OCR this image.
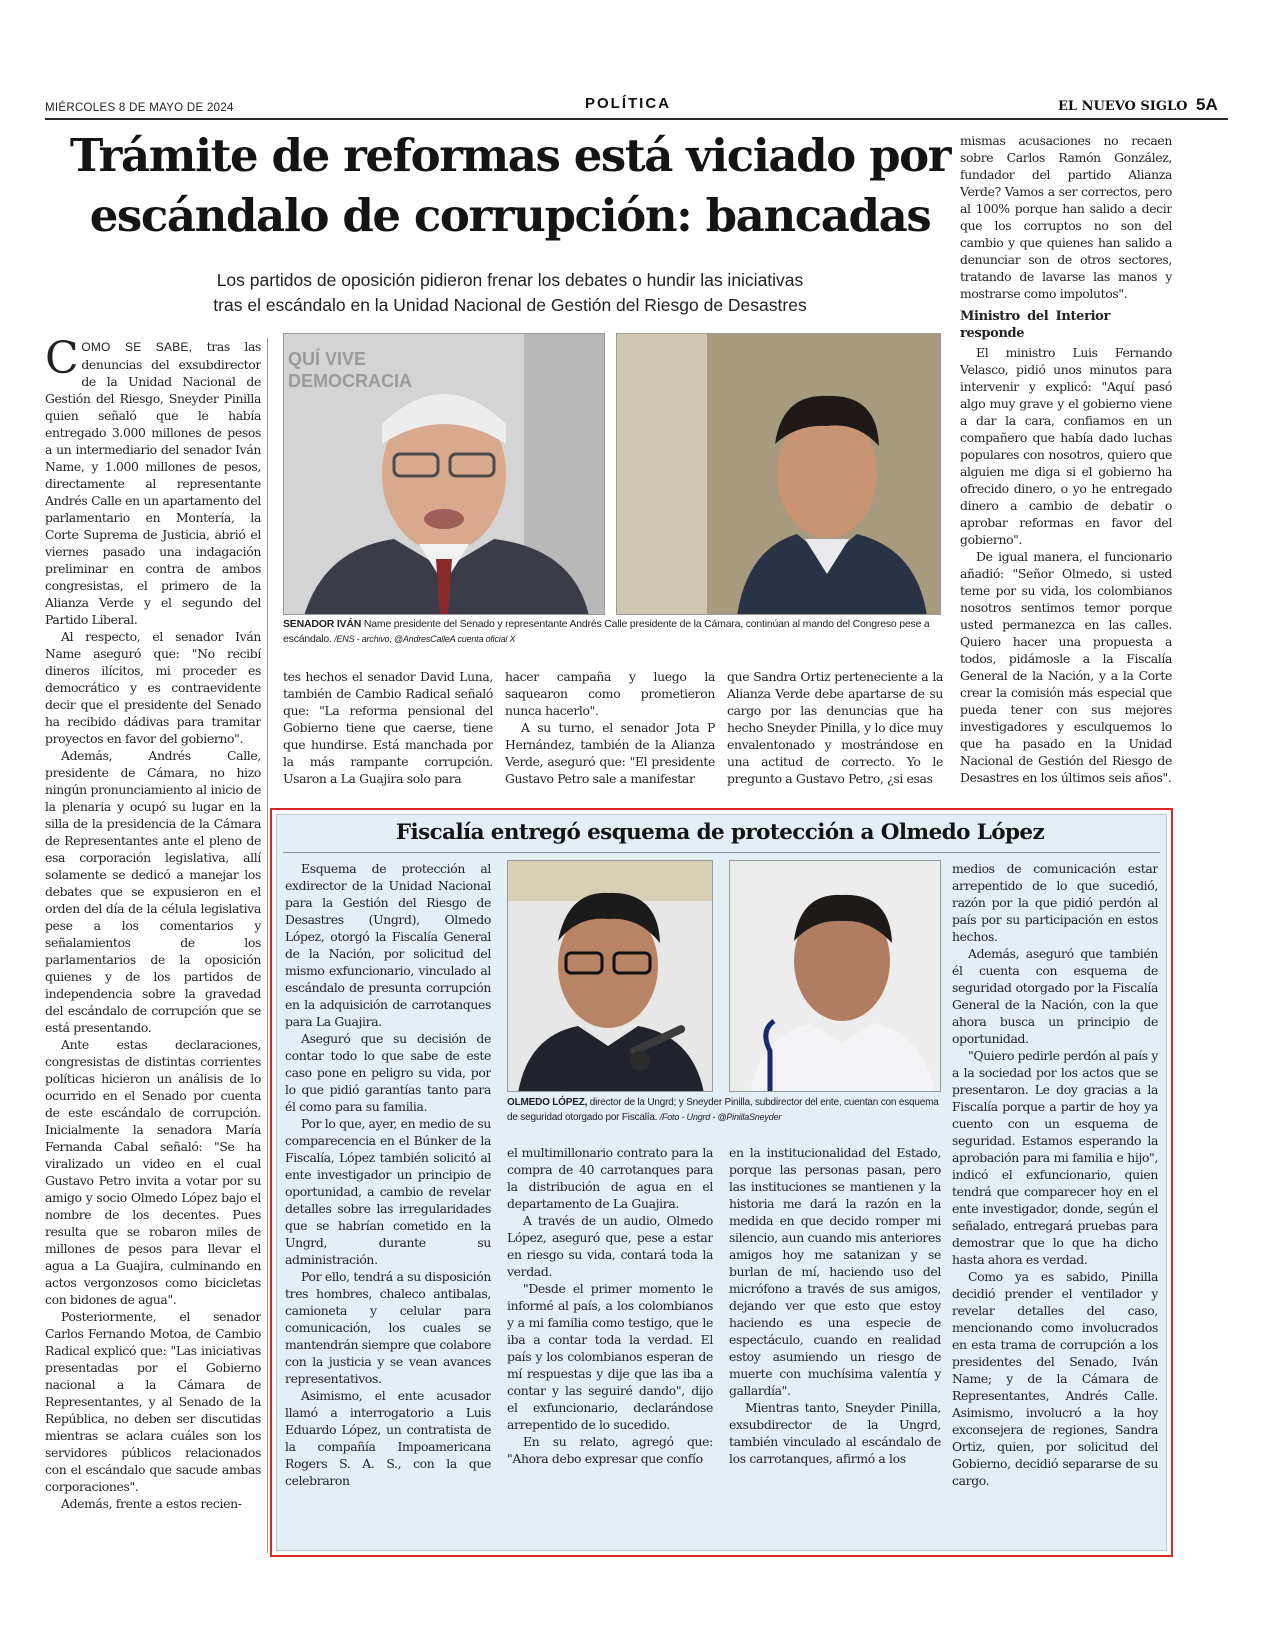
MIÉRCOLES 8 DE MAYO DE 2024	POLÍTICA	EL NUEVO SIGLO 5A
Trámite de reformas está viciado por
escándalo de corrupción: bancadas
Los partidos de oposición pidieron frenar los debates o hundir las iniciativas
tras el escándalo en la Unidad Nacional de Gestión del Riesgo de Desastres

COMO SE SABE, tras las denuncias del exsubdirector de la Unidad Nacional de Gestión del Riesgo, Sneyder Pinilla quien señaló que le había entregado 3.000 millones de pesos a un intermediario del senador Iván Name, y 1.000 millones de pesos, directamente al representante Andrés Calle en un apartamento del parlamentario en Montería, la Corte Suprema de Justicia, abrió el viernes pasado una indagación preliminar en contra de ambos congresistas, el primero de la Alianza Verde y el segundo del Partido Liberal.

Al respecto, el senador Iván Name aseguró que: "No recibí dineros ilícitos, mi proceder es democrático y es contraevidente decir que el presidente del Senado ha recibido dádivas para tramitar proyectos en favor del gobierno".

Además, Andrés Calle, presidente de Cámara, no hizo ningún pronunciamiento al inicio de la plenaria y ocupó su lugar en la silla de la presidencia de la Cámara de Representantes ante el pleno de esa corporación legislativa, allí solamente se dedicó a manejar los debates que se expusieron en el orden del día de la célula legislativa pese a los comentarios y señalamientos de los parlamentarios de la oposición quienes y de los partidos de independencia sobre la gravedad del escándalo de corrupción que se está presentando.

Ante estas declaraciones, congresistas de distintas corrientes políticas hicieron un análisis de lo ocurrido en el Senado por cuenta de este escándalo de corrupción. Inicialmente la senadora María Fernanda Cabal señaló: "Se ha viralizado un video en el cual Gustavo Petro invita a votar por su amigo y socio Olmedo López bajo el nombre de los decentes. Pues resulta que se robaron miles de millones de pesos para llevar el agua a La Guajira, culminando en actos vergonzosos como bicicletas con bidones de agua".

Posteriormente, el senador Carlos Fernando Motoa, de Cambio Radical explicó que: "Las iniciativas presentadas por el Gobierno nacional a la Cámara de Representantes, y al Senado de la República, no deben ser discutidas mientras se aclara cuáles son los servidores públicos relacionados con el escándalo que sacude ambas corporaciones".

Además, frente a estos recien-

QUÍ VIVE DEMOCRACIA
SENADOR IVÁN Name presidente del Senado y representante Andrés Calle presidente de la Cámara, continúan al mando del Congreso pese a escándalo. /ENS - archivo, @AndresCalleA cuenta oficial X

tes hechos el senador David Luna, también de Cambio Radical señaló que: "La reforma pensional del Gobierno tiene que caerse, tiene que hundirse. Está manchada por la más rampante corrupción. Usaron a La Guajira solo para

hacer campaña y luego la saquearon como prometieron nunca hacerlo".

A su turno, el senador Jota P Hernández, también de la Alianza Verde, aseguró que: "El presidente Gustavo Petro sale a manifestar

que Sandra Ortiz perteneciente a la Alianza Verde debe apartarse de su cargo por las denuncias que ha hecho Sneyder Pinilla, y lo dice muy envalentonado y mostrándose en una actitud de correcto. Yo le pregunto a Gustavo Petro, ¿si esas

mismas acusaciones no recaen sobre Carlos Ramón González, fundador del partido Alianza Verde? Vamos a ser correctos, pero al 100% porque han salido a decir que los corruptos no son del cambio y que quienes han salido a denunciar son de otros sectores, tratando de lavarse las manos y mostrarse como impolutos".

Ministro del Interior responde

El ministro Luis Fernando Velasco, pidió unos minutos para intervenir y explicó: "Aquí pasó algo muy grave y el gobierno viene a dar la cara, confiamos en un compañero que había dado luchas populares con nosotros, quiero que alguien me diga si el gobierno ha ofrecido dinero, o yo he entregado dinero a cambio de debatir o aprobar reformas en favor del gobierno".

De igual manera, el funcionario añadió: "Señor Olmedo, si usted teme por su vida, los colombianos nosotros sentimos temor porque usted permanezca en las calles. Quiero hacer una propuesta a todos, pidámosle a la Fiscalía General de la Nación, y a la Corte crear la comisión más especial que pueda tener con sus mejores investigadores y esculquemos lo que ha pasado en la Unidad Nacional de Gestión del Riesgo de Desastres en los últimos seis años".

Fiscalía entregó esquema de protección a Olmedo López

Esquema de protección al exdirector de la Unidad Nacional para la Gestión del Riesgo de Desastres (Ungrd), Olmedo López, otorgó la Fiscalía General de la Nación, por solicitud del mismo exfuncionario, vinculado al escándalo de presunta corrupción en la adquisición de carrotanques para La Guajira.

Aseguró que su decisión de contar todo lo que sabe de este caso pone en peligro su vida, por lo que pidió garantías tanto para él como para su familia.

Por lo que, ayer, en medio de su comparecencia en el Búnker de la Fiscalía, López también solicitó al ente investigador un principio de oportunidad, a cambio de revelar detalles sobre las irregularidades que se habrían cometido en la Ungrd, durante su administración.

Por ello, tendrá a su disposición tres hombres, chaleco antibalas, camioneta y celular para comunicación, los cuales se mantendrán siempre que colabore con la justicia y se vean avances representativos.

Asimismo, el ente acusador llamó a interrogatorio a Luis Eduardo López, un contratista de la compañía Impoamericana Rogers S. A. S., con la que celebraron

OLMEDO LÓPEZ, director de la Ungrd; y Sneyder Pinilla, subdirector del ente, cuentan con esquema de seguridad otorgado por Fiscalía. /Foto - Ungrd - @PinillaSneyder

el multimillonario contrato para la compra de 40 carrotanques para la distribución de agua en el departamento de La Guajira.

A través de un audio, Olmedo López, aseguró que, pese a estar en riesgo su vida, contará toda la verdad.

"Desde el primer momento le informé al país, a los colombianos y a mi familia como testigo, que le iba a contar toda la verdad. El país y los colombianos esperan de mí respuestas y dije que las iba a contar y las seguiré dando", dijo el exfuncionario, declarándose arrepentido de lo sucedido.

En su relato, agregó que: "Ahora debo expresar que confío

en la institucionalidad del Estado, porque las personas pasan, pero las instituciones se mantienen y la historia me dará la razón en la medida en que decido romper mi silencio, aun cuando mis anteriores amigos hoy me satanizan y se burlan de mí, haciendo uso del micrófono a través de sus amigos, dejando ver que esto que estoy haciendo es una especie de espectáculo, cuando en realidad estoy asumiendo un riesgo de muerte con muchísima valentía y gallardía".

Mientras tanto, Sneyder Pinilla, exsubdirector de la Ungrd, también vinculado al escándalo de los carrotanques, afirmó a los

medios de comunicación estar arrepentido de lo que sucedió, razón por la que pidió perdón al país por su participación en estos hechos.

Además, aseguró que también él cuenta con esquema de seguridad otorgado por la Fiscalía General de la Nación, con la que ahora busca un principio de oportunidad.

"Quiero pedirle perdón al país y a la sociedad por los actos que se presentaron. Le doy gracias a la Fiscalía porque a partir de hoy ya cuento con un esquema de seguridad. Estamos esperando la aprobación para mi familia e hijo", indicó el exfuncionario, quien tendrá que comparecer hoy en el ente investigador, donde, según el señalado, entregará pruebas para demostrar que lo que ha dicho hasta ahora es verdad.

Como ya es sabido, Pinilla decidió prender el ventilador y revelar detalles del caso, mencionando como involucrados en esta trama de corrupción a los presidentes del Senado, Iván Name; y de la Cámara de Representantes, Andrés Calle. Asimismo, involucró a la hoy exconsejera de regiones, Sandra Ortiz, quien, por solicitud del Gobierno, decidió separarse de su cargo.
